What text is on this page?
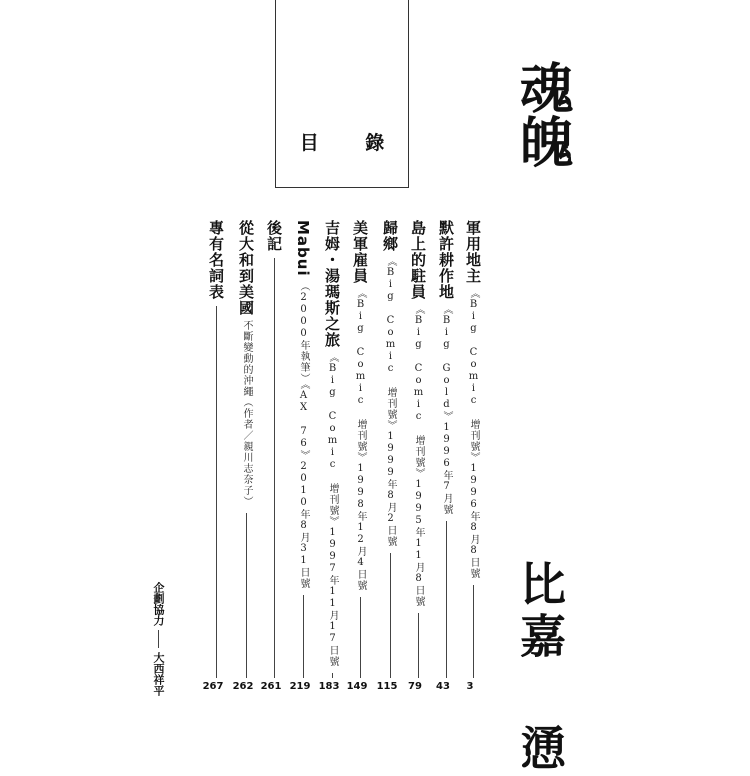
目 錄 魂魄
比嘉 慂
軍用地主
《Big Comic 增刊號》1996年8月8日號
3
默許耕作地
《Big Gold》1996年7月號
43
島上的駐員
《Big Comic 增刊號》1995年11月8日號
79
歸鄉
《Big Comic 增刊號》1999年8月2日號
115
美軍雇員
《Big Comic 增刊號》1998年12月4日號
149
吉姆・湯瑪斯之旅
《Big Comic 增刊號》1997年11月17日號
183
Mabui
（2000年執筆）《AX 76》2010年8月31日號
219
後記
261
從大和到美國
不斷變動的沖繩（作者／親川志奈子）
262
專有名詞表
267
企劃協力
大西祥平
